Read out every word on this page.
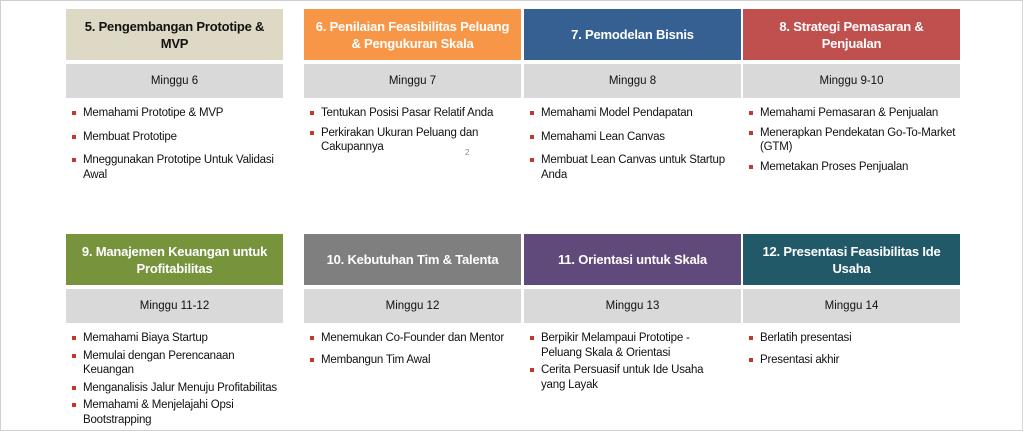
5. Pengembangan Prototipe & MVP
Minggu 6
Memahami Prototipe & MVP
Membuat Prototipe
Mneggunakan Prototipe Untuk Validasi Awal
6. Penilaian Feasibilitas Peluang & Pengukuran Skala
Minggu 7
Tentukan Posisi Pasar Relatif Anda
Perkirakan Ukuran Peluang dan Cakupannya
7. Pemodelan Bisnis
Minggu 8
Memahami Model Pendapatan
Memahami Lean Canvas
Membuat Lean Canvas untuk Startup Anda
8. Strategi Pemasaran & Penjualan
Minggu 9-10
Memahami Pemasaran & Penjualan
Menerapkan Pendekatan Go-To-Market (GTM)
Memetakan Proses Penjualan
9. Manajemen Keuangan untuk Profitabilitas
Minggu 11-12
Memahami Biaya Startup
Memulai dengan Perencanaan Keuangan
Menganalisis Jalur Menuju Profitabilitas
Memahami & Menjelajahi Opsi Bootstrapping
10. Kebutuhan Tim & Talenta
Minggu 12
Menemukan Co-Founder dan Mentor
Membangun Tim Awal
11. Orientasi untuk Skala
Minggu 13
Berpikir Melampaui Prototipe - Peluang Skala & Orientasi
Cerita Persuasif untuk Ide Usaha yang Layak
12. Presentasi Feasibilitas Ide Usaha
Minggu 14
Berlatih presentasi
Presentasi akhir
2
